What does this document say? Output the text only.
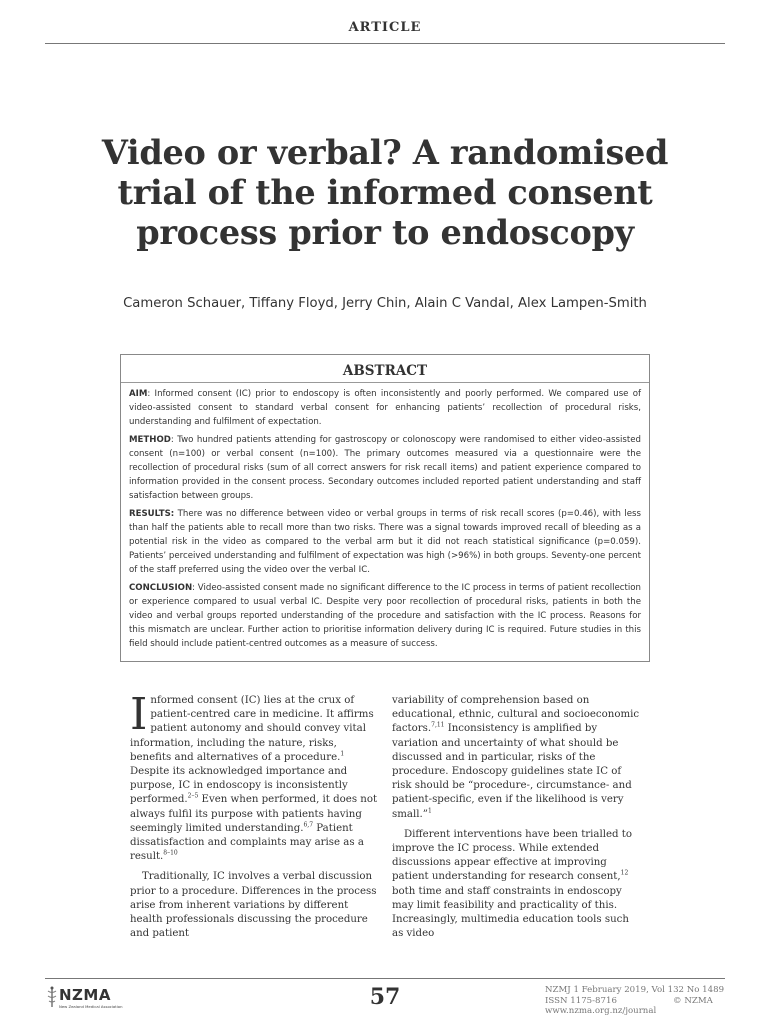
ARTICLE
Video or verbal? A randomised trial of the informed consent process prior to endoscopy

Cameron Schauer, Tiffany Floyd, Jerry Chin, Alain C Vandal, Alex Lampen-Smith

ABSTRACT

AIM: Informed consent (IC) prior to endoscopy is often inconsistently and poorly performed. We compared use of video-assisted consent to standard verbal consent for enhancing patients’ recollection of procedural risks, understanding and fulfilment of expectation.

METHOD: Two hundred patients attending for gastroscopy or colonoscopy were randomised to either video-assisted consent (n=100) or verbal consent (n=100). The primary outcomes measured via a questionnaire were the recollection of procedural risks (sum of all correct answers for risk recall items) and patient experience compared to information provided in the consent process. Secondary outcomes included reported patient understanding and staff satisfaction between groups.

RESULTS: There was no difference between video or verbal groups in terms of risk recall scores (p=0.46), with less than half the patients able to recall more than two risks. There was a signal towards improved recall of bleeding as a potential risk in the video as compared to the verbal arm but it did not reach statistical significance (p=0.059). Patients’ perceived understanding and fulfilment of expectation was high (>96%) in both groups. Seventy-one percent of the staff preferred using the video over the verbal IC.

CONCLUSION: Video-assisted consent made no significant difference to the IC process in terms of patient recollection or experience compared to usual verbal IC. Despite very poor recollection of procedural risks, patients in both the video and verbal groups reported understanding of the procedure and satisfaction with the IC process. Reasons for this mismatch are unclear. Further action to prioritise information delivery during IC is required. Future studies in this field should include patient-centred outcomes as a measure of success.

Informed consent (IC) lies at the crux of patient-centred care in medicine. It affirms patient autonomy and should convey vital information, including the nature, risks, benefits and alternatives of a procedure.$^1$ Despite its acknowledged importance and purpose, IC in endoscopy is inconsistently performed.$^{2-5}$ Even when performed, it does not always fulfil its purpose with patients having seemingly limited understanding.$^{6,7}$ Patient dissatisfaction and complaints may arise as a result.$^{8-10}$

Traditionally, IC involves a verbal discussion prior to a procedure. Differences in the process arise from inherent variations by different health professionals discussing the procedure and patient

variability of comprehension based on educational, ethnic, cultural and socioeconomic factors.$^{7,11}$ Inconsistency is amplified by variation and uncertainty of what should be discussed and in particular, risks of the procedure. Endoscopy guidelines state IC of risk should be “procedure-, circumstance- and patient-specific, even if the likelihood is very small.”$^1$

Different interventions have been trialled to improve the IC process. While extended discussions appear effective at improving patient understanding for research consent,$^{12}$ both time and staff constraints in endoscopy may limit feasibility and practicality of this. Increasingly, multimedia education tools such as video

NZMA
New Zealand Medical Association	57	NZMJ 1 February 2019, Vol 132 No 1489
ISSN 1175-8716	© NZMA
www.nzma.org.nz/journal
